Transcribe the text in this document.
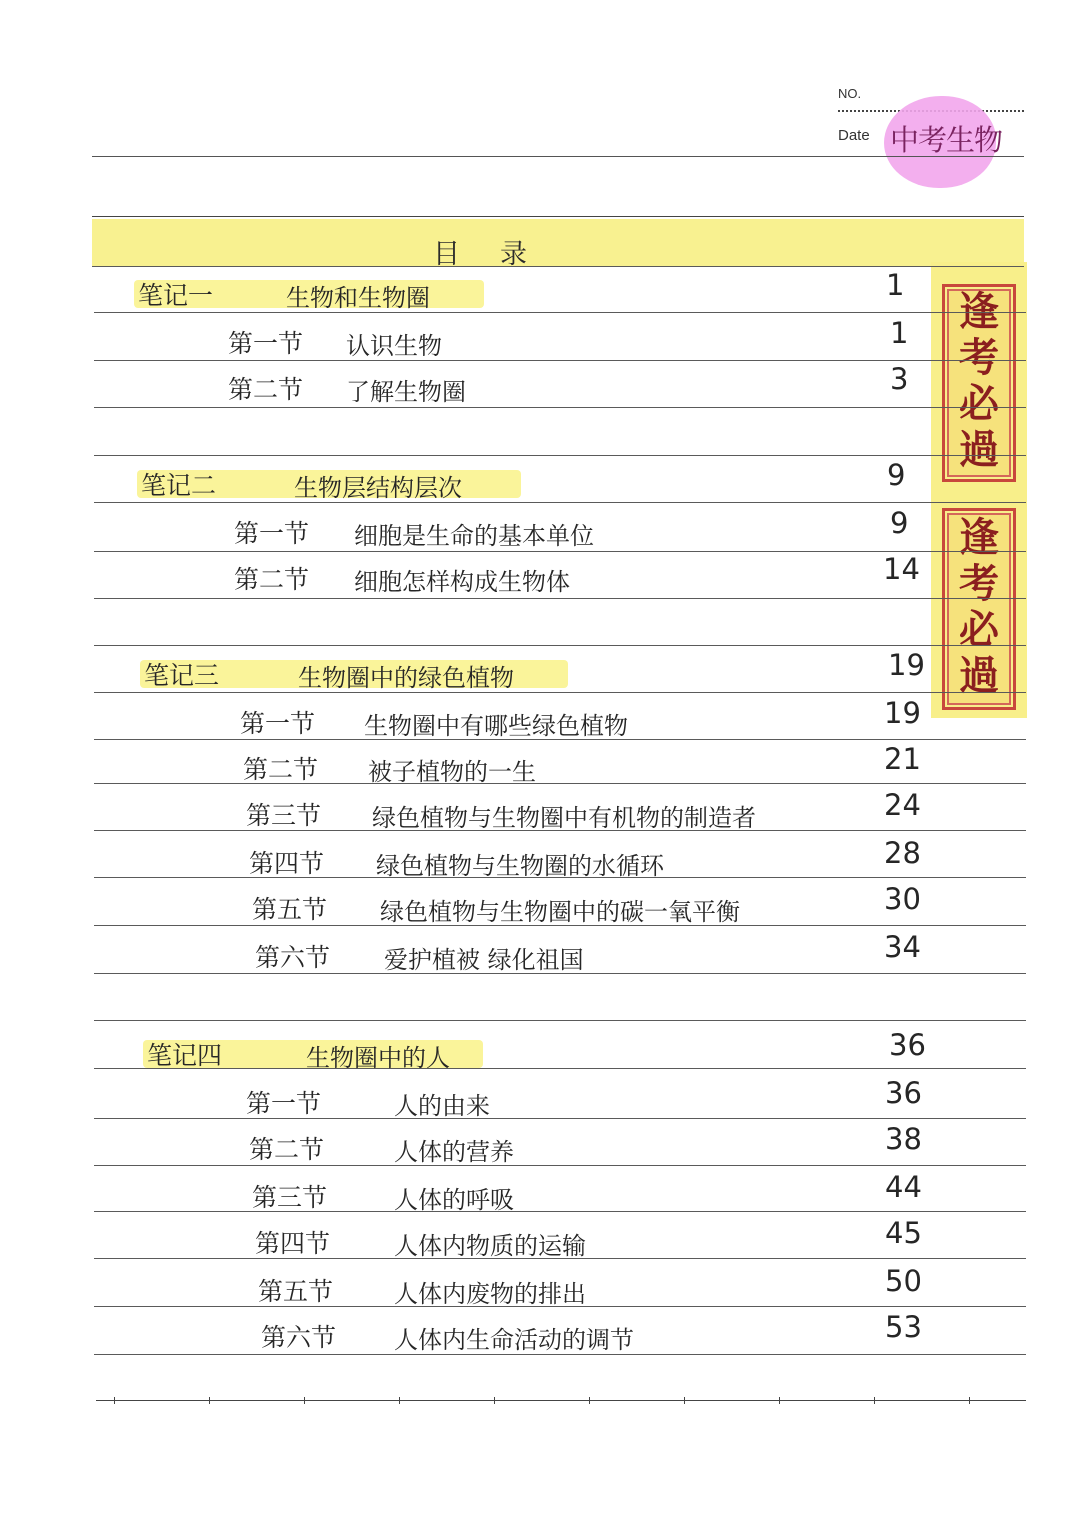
NO.
Date 中考生物
目录
逢
考
必
過
逢
考
必
過
笔记一	生物和生物圈	1
第一节 认识生物	1
第二节 了解生物圈	3
笔记二	生物层结构层次	9
第一节 细胞是生命的基本单位	9
第二节 细胞怎样构成生物体	14
笔记三	生物圈中的绿色植物	19
第一节 生物圈中有哪些绿色植物	19
第二节 被子植物的一生	21
第三节 绿色植物与生物圈中有机物的制造者	24
第四节 绿色植物与生物圈的水循环	28
第五节 绿色植物与生物圈中的碳一氧平衡	30
第六节 爱护植被 绿化祖国	34
笔记四	生物圈中的人	36
第一节	人的由来	36
第二节	人体的营养	38
第三节	人体的呼吸	44
第四节	人体内物质的运输	45
第五节	人体内废物的排出	50
第六节 人体内生命活动的调节	53
